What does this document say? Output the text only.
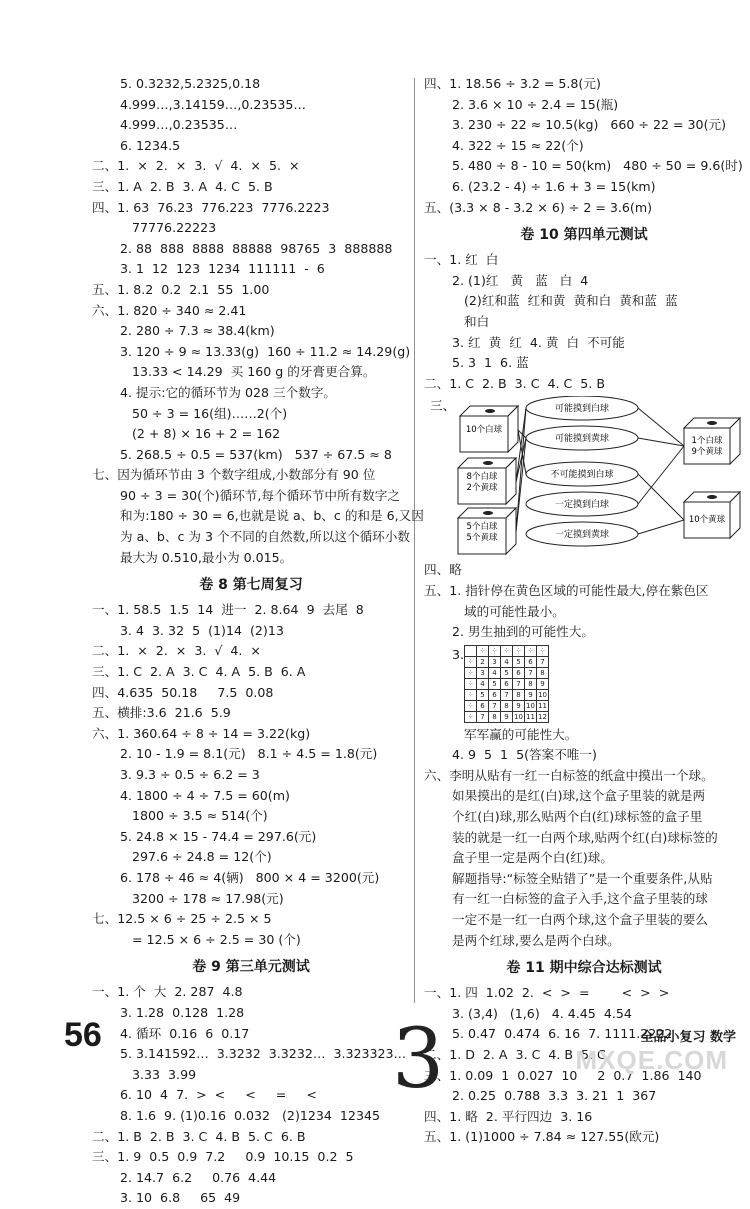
5. 0.3232,5.2325,0.18
4.999…,3.14159…,0.23535…
4.999…,0.23535…
6. 1234.5
二、1.  ×  2.  ×  3.  √  4.  ×  5.  ×
三、1. A  2. B  3. A  4. C  5. B
四、1. 63  76.23  776.223  7776.2223
77776.22223
2. 88  888  8888  88888  98765  3  888888
3. 1  12  123  1234  111111  -  6
五、1. 8.2  0.2  2.1  55  1.00
六、1. 820 ÷ 340 ≈ 2.41
2. 280 ÷ 7.3 ≈ 38.4(km)
3. 120 ÷ 9 ≈ 13.33(g)  160 ÷ 11.2 ≈ 14.29(g)
13.33 < 14.29  买 160 g 的牙膏更合算。
4. 提示:它的循环节为 028 三个数字。
50 ÷ 3 = 16(组)……2(个)
(2 + 8) × 16 + 2 = 162
5. 268.5 ÷ 0.5 = 537(km)   537 ÷ 67.5 ≈ 8
七、因为循环节由 3 个数字组成,小数部分有 90 位
90 ÷ 3 = 30(个)循环节,每个循环节中所有数字之
和为:180 ÷ 30 = 6,也就是说 a、b、c 的和是 6,又因
为 a、b、c 为 3 个不同的自然数,所以这个循环小数
最大为 0.510,最小为 0.015。
卷 8 第七周复习
一、1. 58.5  1.5  14  进一  2. 8.64  9  去尾  8
3. 4  3. 32  5  (1)14  (2)13
二、1.  ×  2.  ×  3.  √  4.  ×
三、1. C  2. A  3. C  4. A  5. B  6. A
四、4.635  50.18     7.5  0.08
五、横排:3.6  21.6  5.9
六、1. 360.64 ÷ 8 ÷ 14 = 3.22(kg)
2. 10 - 1.9 = 8.1(元)   8.1 ÷ 4.5 = 1.8(元)
3. 9.3 ÷ 0.5 ÷ 6.2 = 3
4. 1800 ÷ 4 ÷ 7.5 = 60(m)
1800 ÷ 3.5 ≈ 514(个)
5. 24.8 × 15 - 74.4 = 297.6(元)
297.6 ÷ 24.8 = 12(个)
6. 178 ÷ 46 ≈ 4(辆)   800 × 4 = 3200(元)
3200 ÷ 178 ≈ 17.98(元)
七、12.5 × 6 ÷ 25 ÷ 2.5 × 5
= 12.5 × 6 ÷ 2.5 = 30 (个)
卷 9 第三单元测试
一、1. 个  大  2. 287  4.8
3. 1.28  0.128  1.28
4. 循环  0.16  6  0.17
5. 3.141592…  3.3232  3.3232…  3.323323…
3.33  3.99
6. 10  4  7.  >  <     <     =     <
8. 1.6  9. (1)0.16  0.032   (2)1234  12345
二、1. B  2. B  3. C  4. B  5. C  6. B
三、1. 9  0.5  0.9  7.2     0.9  10.15  0.2  5
2. 14.7  6.2     0.76  4.44
3. 10  6.8     65  49
四、1. 18.56 ÷ 3.2 = 5.8(元)
2. 3.6 × 10 ÷ 2.4 = 15(瓶)
3. 230 ÷ 22 ≈ 10.5(kg)   660 ÷ 22 = 30(元)
4. 322 ÷ 15 ≈ 22(个)
5. 480 ÷ 8 - 10 = 50(km)   480 ÷ 50 = 9.6(时)
6. (23.2 - 4) ÷ 1.6 + 3 = 15(km)
五、(3.3 × 8 - 3.2 × 6) ÷ 2 = 3.6(m)
卷 10 第四单元测试
一、1. 红  白
2. (1)红   黄   蓝   白  4
(2)红和蓝  红和黄  黄和白  黄和蓝  蓝
和白
3. 红  黄  红  4. 黄  白  不可能
5. 3  1  6. 蓝
二、1. C  2. B  3. C  4. C  5. B
三、
10个白球
8个白球
2个黄球
5个白球
5个黄球
可能摸到白球
可能摸到黄球
不可能摸到白球
一定摸到白球
一定摸到黄球
1个白球
9个黄球
10个黄球
四、略
五、1. 指针停在黄色区域的可能性最大,停在紫色区
域的可能性最小。
2. 男生抽到的可能性大。
3.
	⁘	⁘	⁘	⁘	⁘	⁘
⁘	2	3	4	5	6	7
⁘	3	4	5	6	7	8
⁘	4	5	6	7	8	9
⁘	5	6	7	8	9	10
⁘	6	7	8	9	10	11
⁘	7	8	9	10	11	12
军军赢的可能性大。
4. 9  5  1  5(答案不唯一)
六、李明从贴有一红一白标签的纸盒中摸出一个球。
如果摸出的是红(白)球,这个盒子里装的就是两
个红(白)球,那么贴两个白(红)球标签的盒子里
装的就是一红一白两个球,贴两个红(白)球标签的
盒子里一定是两个白(红)球。
解题指导:“标签全贴错了”是一个重要条件,从贴
有一红一白标签的盒子入手,这个盒子里装的球
一定不是一红一白两个球,这个盒子里装的要么
是两个红球,要么是两个白球。
卷 11 期中综合达标测试
一、1. 四  1.02  2.  <  >  =        <  >  >
3. (3,4)   (1,6)   4. 4.45  4.54
5. 0.47  0.474  6. 16  7. 1111.2222
二、1. D  2. A  3. C  4. B  5. C
三、1. 0.09  1  0.027  10     2  0.7  1.86  140
2. 0.25  0.788  3.3  3. 21  1  367
四、1. 略  2. 平行四边  3. 16
五、1. (1)1000 ÷ 7.84 ≈ 127.55(欧元)
56	3	全品小复习 数学
MXQE.COM
